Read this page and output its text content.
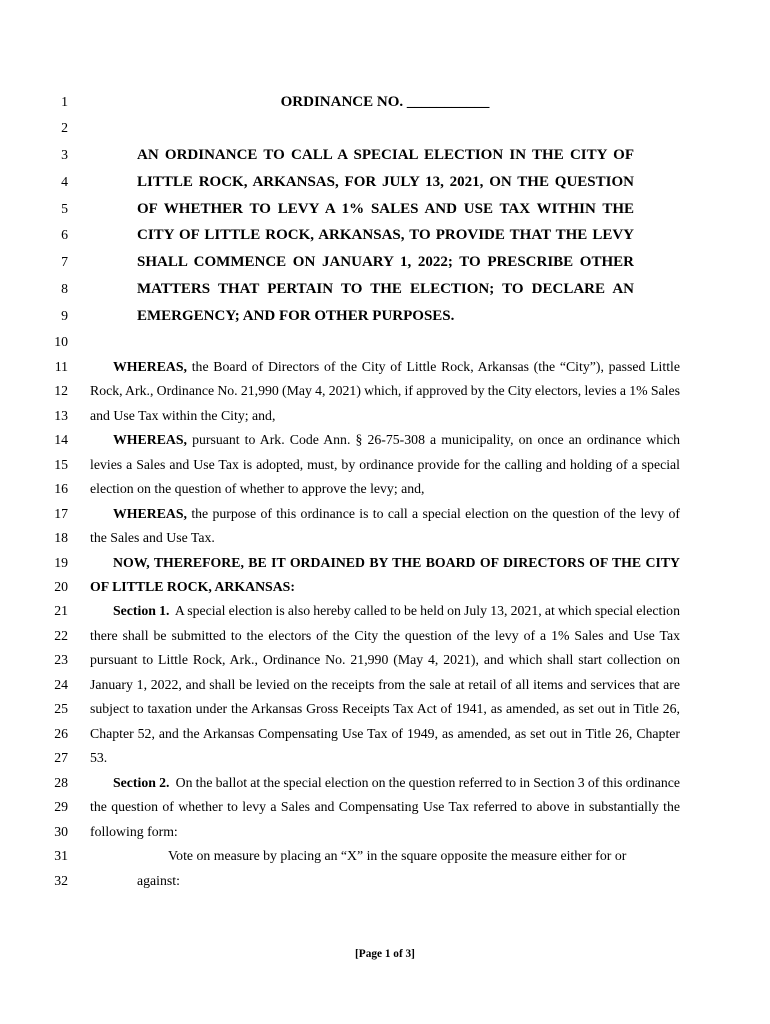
1	ORDINANCE NO. ___________
2
3	AN ORDINANCE TO CALL A SPECIAL ELECTION IN THE CITY OF
4	LITTLE ROCK, ARKANSAS, FOR JULY 13, 2021, ON THE QUESTION
5	OF WHETHER TO LEVY A 1% SALES AND USE TAX WITHIN THE
6	CITY OF LITTLE ROCK, ARKANSAS, TO PROVIDE THAT THE LEVY
7	SHALL COMMENCE ON JANUARY 1, 2022; TO PRESCRIBE OTHER
8	MATTERS THAT PERTAIN TO THE ELECTION; TO DECLARE AN
9	EMERGENCY; AND FOR OTHER PURPOSES.
10
11	WHEREAS, the Board of Directors of the City of Little Rock, Arkansas (the “City”), passed Little
12 Rock, Ark., Ordinance No. 21,990 (May 4, 2021) which, if approved by the City electors, levies a 1% Sales
13 and Use Tax within the City; and,
14	WHEREAS, pursuant to Ark. Code Ann. § 26-75-308 a municipality, on once an ordinance which
15 levies a Sales and Use Tax is adopted, must, by ordinance provide for the calling and holding of a special
16 election on the question of whether to approve the levy; and,
17	WHEREAS, the purpose of this ordinance is to call a special election on the question of the levy of
18 the Sales and Use Tax.
19	NOW, THEREFORE, BE IT ORDAINED BY THE BOARD OF DIRECTORS OF THE CITY
20 OF LITTLE ROCK, ARKANSAS:
21	Section 1. A special election is also hereby called to be held on July 13, 2021, at which special election
22 there shall be submitted to the electors of the City the question of the levy of a 1% Sales and Use Tax
23 pursuant to Little Rock, Ark., Ordinance No. 21,990 (May 4, 2021), and which shall start collection on
24 January 1, 2022, and shall be levied on the receipts from the sale at retail of all items and services that are
25 subject to taxation under the Arkansas Gross Receipts Tax Act of 1941, as amended, as set out in Title 26,
26 Chapter 52, and the Arkansas Compensating Use Tax of 1949, as amended, as set out in Title 26, Chapter
27 53.
28	Section 2. On the ballot at the special election on the question referred to in Section 3 of this ordinance
29 the question of whether to levy a Sales and Compensating Use Tax referred to above in substantially the
30 following form:
31	Vote on measure by placing an “X” in the square opposite the measure either for or
32	against:
[Page 1 of 3]
